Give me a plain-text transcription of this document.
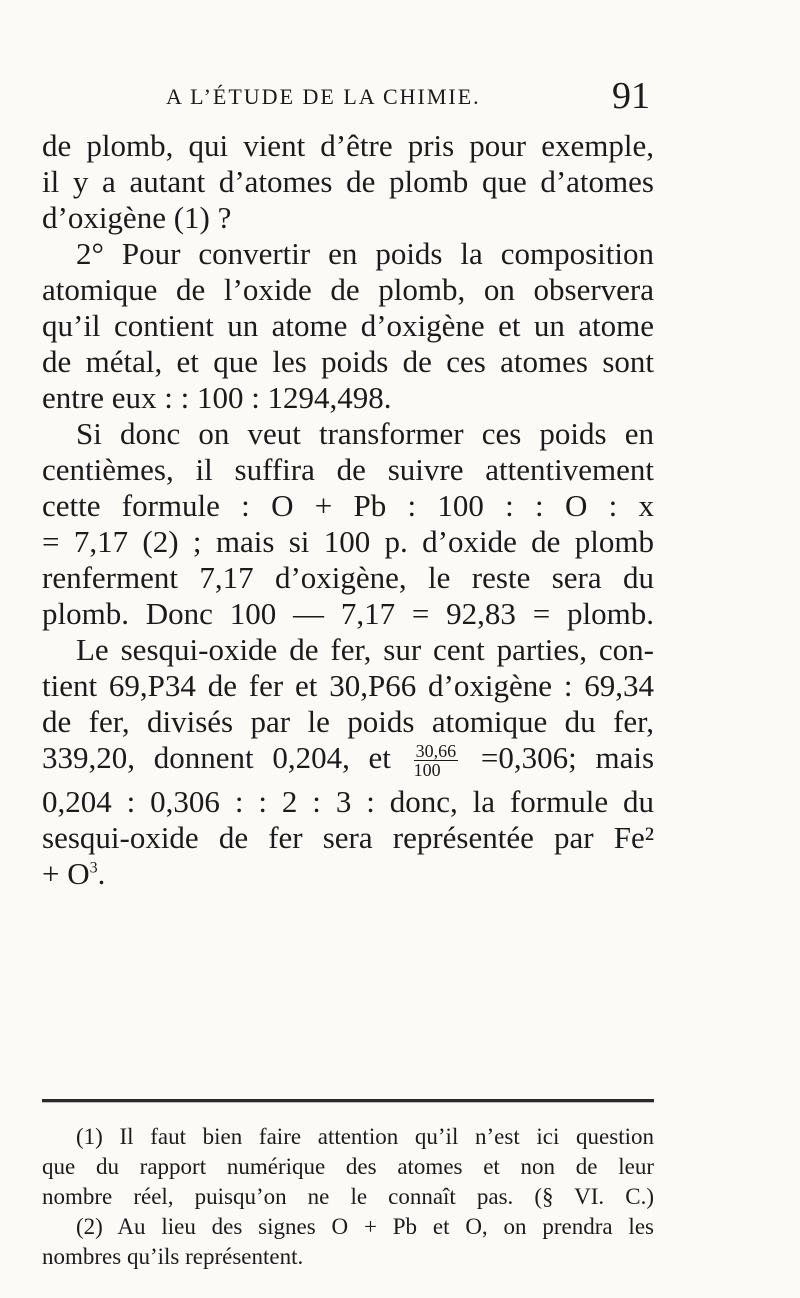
A L’ÉTUDE DE LA CHIMIE.	91
de plomb, qui vient d’être pris pour exemple,
il y a autant d’atomes de plomb que d’atomes
d’oxigène (1) ?
2° Pour convertir en poids la composition
atomique de l’oxide de plomb, on observera
qu’il contient un atome d’oxigène et un atome
de métal, et que les poids de ces atomes sont
entre eux : : 100 : 1294,498.
Si donc on veut transformer ces poids en
centièmes, il suffira de suivre attentivement
cette formule : O + Pb : 100 : : O : x
= 7,17 (2) ; mais si 100 p. d’oxide de plomb
renferment 7,17 d’oxigène, le reste sera du
plomb. Donc 100 — 7,17 = 92,83 = plomb.
Le sesqui-oxide de fer, sur cent parties, con-
tient 69,P34 de fer et 30,P66 d’oxigène : 69,34
de fer, divisés par le poids atomique du fer,
339,20, donnent 0,204, et $\frac{30,66}{100} =0,306$; mais
0,204 : 0,306 : : 2 : 3 : donc, la formule du
sesqui-oxide de fer sera représentée par Fe²
+ $O^3$.
(1) Il faut bien faire attention qu’il n’est ici question
que du rapport numérique des atomes et non de leur
nombre réel, puisqu’on ne le connaît pas. (§ VI. C.)
(2) Au lieu des signes O + Pb et O, on prendra les
nombres qu’ils représentent.
